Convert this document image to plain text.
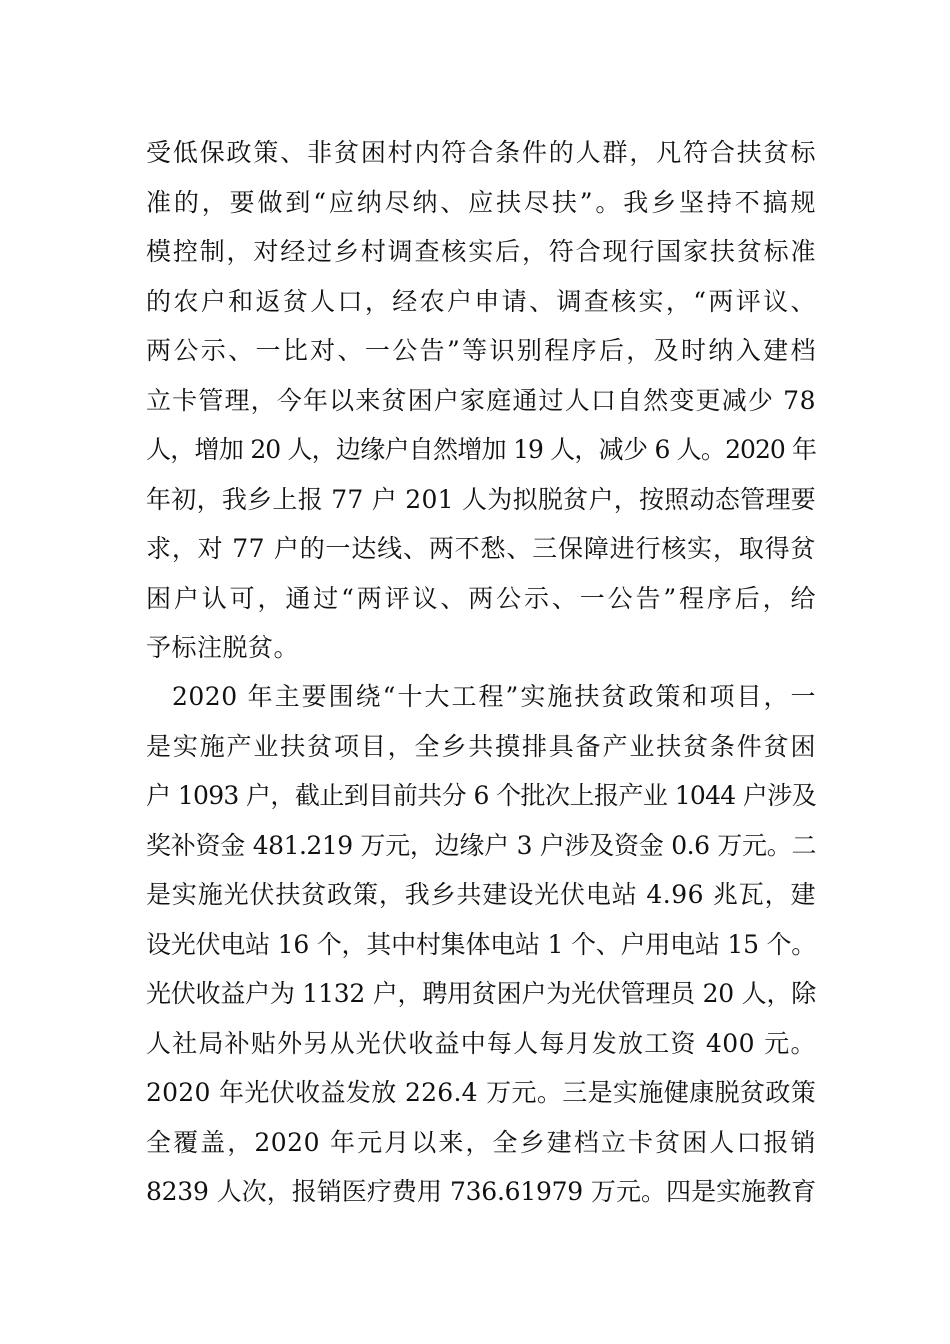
受低保政策、非贫困村内符合条件的人群，凡符合扶贫标
准的，要做到“应纳尽纳、应扶尽扶”。我乡坚持不搞规
模控制，对经过乡村调查核实后，符合现行国家扶贫标准
的农户和返贫人口，经农户申请、调查核实，“两评议、
两公示、一比对、一公告”等识别程序后，及时纳入建档
立卡管理，今年以来贫困户家庭通过人口自然变更减少 78
人，增加 20 人，边缘户自然增加 19 人，减少 6 人。2020 年
年初，我乡上报 77 户 201 人为拟脱贫户，按照动态管理要
求，对 77 户的一达线、两不愁、三保障进行核实，取得贫
困户认可，通过“两评议、两公示、一公告”程序后，给
予标注脱贫。
2020 年主要围绕“十大工程”实施扶贫政策和项目，一
是实施产业扶贫项目，全乡共摸排具备产业扶贫条件贫困
户 1093 户，截止到目前共分 6 个批次上报产业 1044 户涉及
奖补资金 481.219 万元，边缘户 3 户涉及资金 0.6 万元。二
是实施光伏扶贫政策，我乡共建设光伏电站 4.96 兆瓦，建
设光伏电站 16 个，其中村集体电站 1 个、户用电站 15 个。
光伏收益户为 1132 户，聘用贫困户为光伏管理员 20 人，除
人社局补贴外另从光伏收益中每人每月发放工资 400 元。
2020 年光伏收益发放 226.4 万元。三是实施健康脱贫政策
全覆盖，2020 年元月以来，全乡建档立卡贫困人口报销
8239 人次，报销医疗费用 736.61979 万元。四是实施教育
